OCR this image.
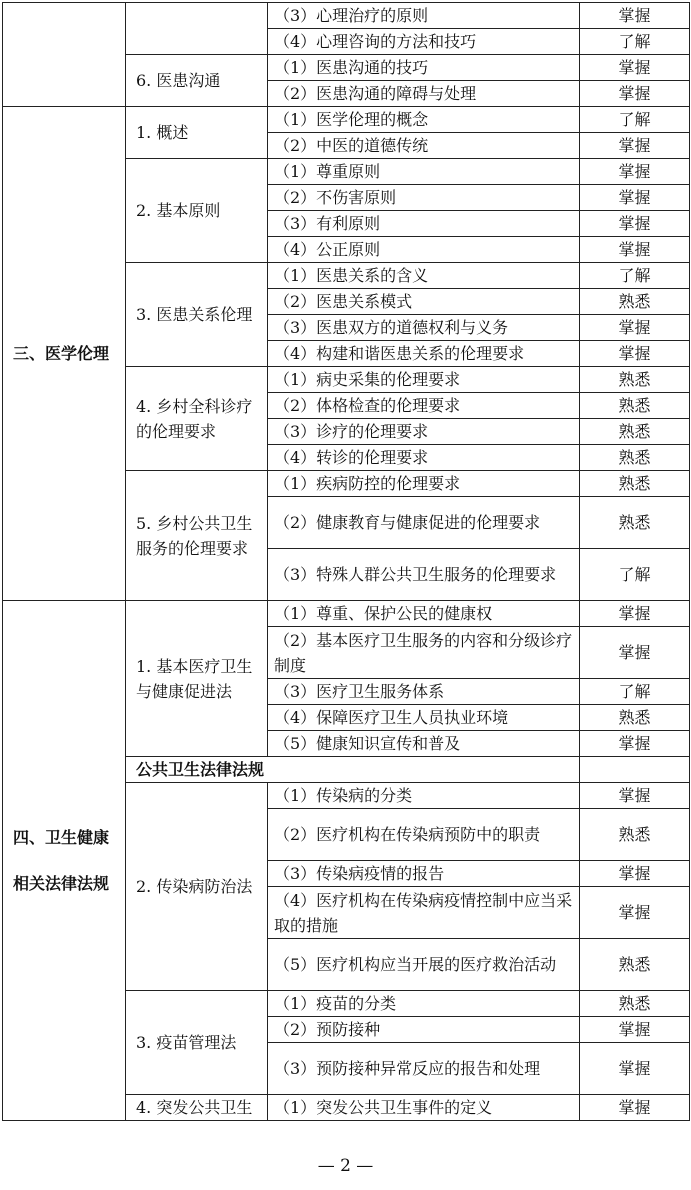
		（3）心理治疗的原则	掌握
		（4）心理咨询的方法和技巧	了解
	6. 医患沟通	（1）医患沟通的技巧	掌握
		（2）医患沟通的障碍与处理	掌握
三、医学伦理	1. 概述	（1）医学伦理的概念	了解
		（2）中医的道德传统	掌握
	2. 基本原则	（1）尊重原则	掌握
		（2）不伤害原则	掌握
		（3）有利原则	掌握
		（4）公正原则	掌握
	3. 医患关系伦理	（1）医患关系的含义	了解
		（2）医患关系模式	熟悉
		（3）医患双方的道德权利与义务	掌握
		（4）构建和谐医患关系的伦理要求	掌握
	4. 乡村全科诊疗的伦理要求	（1）病史采集的伦理要求	熟悉
		（2）体格检查的伦理要求	熟悉
		（3）诊疗的伦理要求	熟悉
		（4）转诊的伦理要求	熟悉
	5. 乡村公共卫生服务的伦理要求	（1）疾病防控的伦理要求	熟悉
		（2）健康教育与健康促进的伦理要求	熟悉
		（3）特殊人群公共卫生服务的伦理要求	了解

四、卫生健康
相关法律法规	1. 基本医疗卫生与健康促进法	（1）尊重、保护公民的健康权	掌握
		（2）基本医疗卫生服务的内容和分级诊疗制度	掌握
		（3）医疗卫生服务体系	了解
		（4）保障医疗卫生人员执业环境	熟悉
		（5）健康知识宣传和普及	掌握
	公共卫生法律法规		
	2. 传染病防治法	（1）传染病的分类	掌握
		（2）医疗机构在传染病预防中的职责	熟悉
		（3）传染病疫情的报告	掌握
		（4）医疗机构在传染病疫情控制中应当采取的措施	掌握
		（5）医疗机构应当开展的医疗救治活动	熟悉
	3. 疫苗管理法	（1）疫苗的分类	熟悉
		（2）预防接种	掌握
		（3）预防接种异常反应的报告和处理	掌握
	4. 突发公共卫生	（1）突发公共卫生事件的定义	掌握
— 2 —
